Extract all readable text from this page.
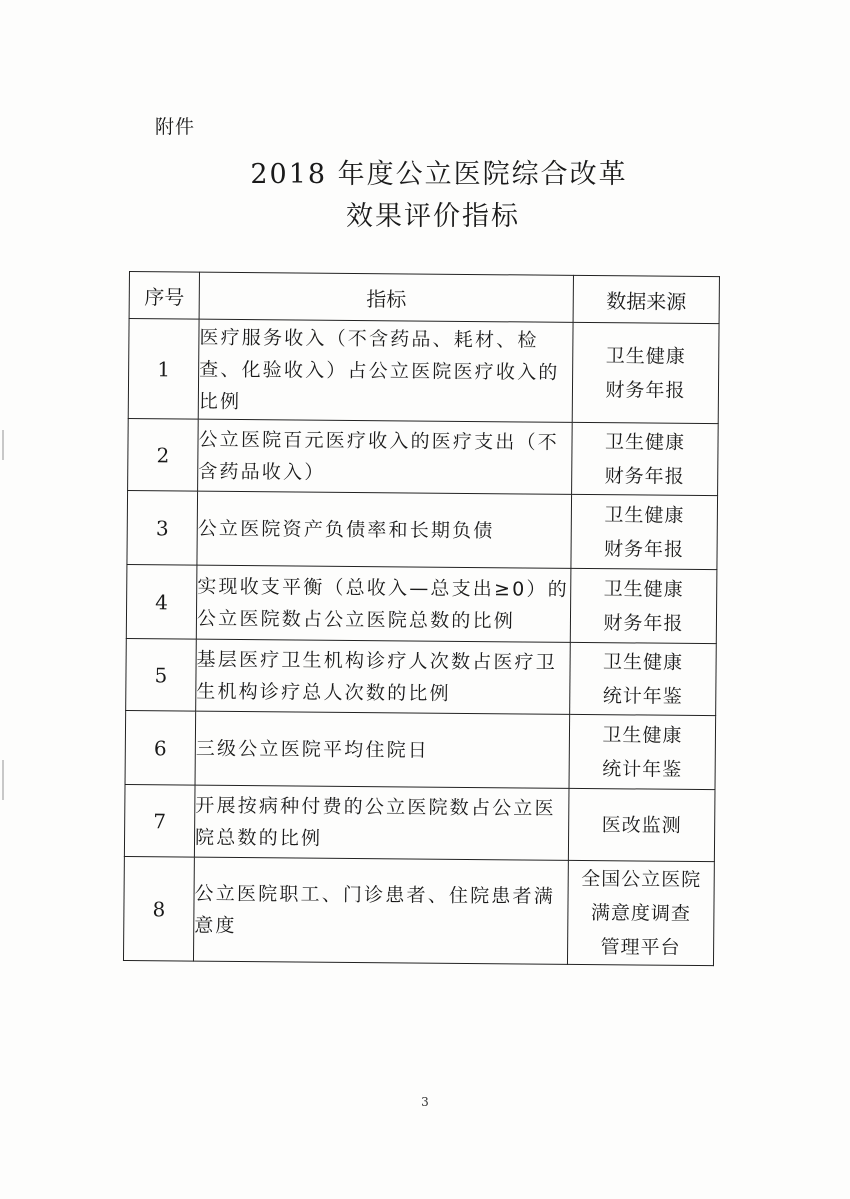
附件
2018 年度公立医院综合改革
效果评价指标
序号	指标	数据来源
1	医疗服务收入（不含药品、耗材、检查、化验收入）占公立医院医疗收入的比例	卫生健康
财务年报

2	公立医院百元医疗收入的医疗支出（不含药品收入）	卫生健康
财务年报

3	公立医院资产负债率和长期负债	卫生健康
财务年报

4	实现收支平衡（总收入—总支出≥0）的公立医院数占公立医院总数的比例	卫生健康
财务年报

5	基层医疗卫生机构诊疗人次数占医疗卫生机构诊疗总人次数的比例	卫生健康
统计年鉴

6	三级公立医院平均住院日	卫生健康
统计年鉴

7	开展按病种付费的公立医院数占公立医院总数的比例	医改监测

8	公立医院职工、门诊患者、住院患者满意度	全国公立医院
满意度调查
管理平台
3
